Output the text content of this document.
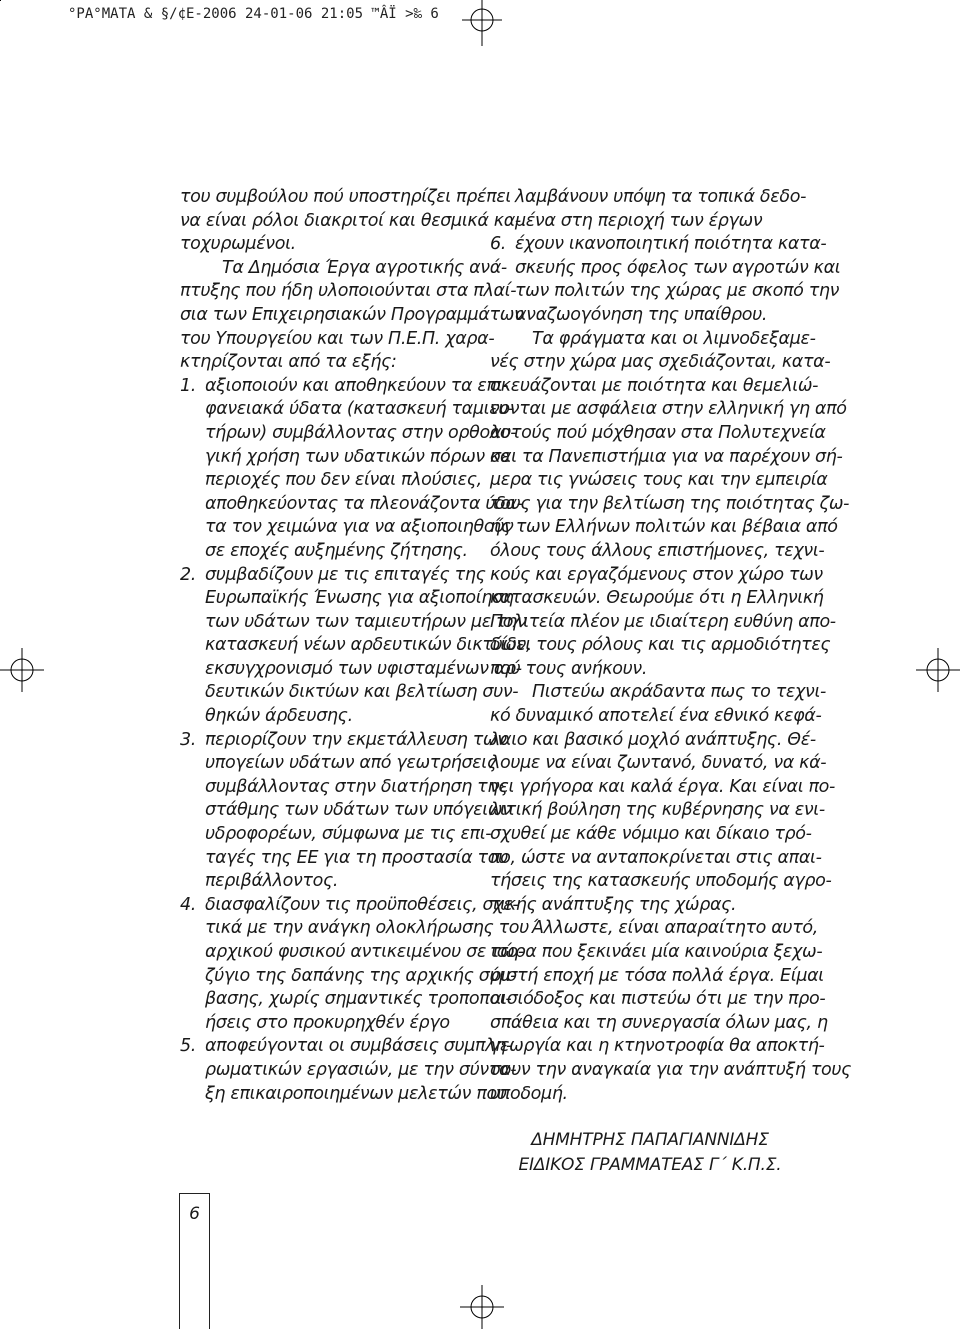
°PA°MATA & §/¢E-2006 24-01-06 21:05 ™ÂÏ >‰ 6
του συμβούλου πού υποστηρίζει πρέπει
να είναι ρόλοι διακριτοί και θεσμικά κα-
τοχυρωμένοι.
Τα Δημόσια Έργα αγροτικής ανά-
πτυξης που ήδη υλοποιούνται στα πλαί-
σια των Επιχειρησιακών Προγραμμάτων
του Υπουργείου και των Π.Ε.Π. χαρα-
κτηρίζονται από τα εξής:
1. αξιοποιούν και αποθηκεύουν τα επι-
φανειακά ύδατα (κατασκευή ταμιευ-
τήρων) συμβάλλοντας στην ορθολο-
γική χρήση των υδατικών πόρων σε
περιοχές που δεν είναι πλούσιες,
αποθηκεύοντας τα πλεονάζοντα ύδα-
τα τον χειμώνα για να αξιοποιηθούν
σε εποχές αυξημένης ζήτησης.
2. συμβαδίζουν με τις επιταγές της
Ευρωπαϊκής Ένωσης για αξιοποίηση
των υδάτων των ταμιευτήρων με την
κατασκευή νέων αρδευτικών δικτύων,
εκσυγχρονισμό των υφισταμένων αρ-
δευτικών δικτύων και βελτίωση συν-
θηκών άρδευσης.
3. περιορίζουν την εκμετάλλευση των
υπογείων υδάτων από γεωτρήσεις
συμβάλλοντας στην διατήρηση της
στάθμης των υδάτων των υπόγειων
υδροφορέων, σύμφωνα με τις επι-
ταγές της ΕΕ για τη προστασία του
περιβάλλοντος.
4. διασφαλίζουν τις προϋποθέσεις, σχε-
τικά με την ανάγκη ολοκλήρωσης του
αρχικού φυσικού αντικειμένου σε ισο-
ζύγιο της δαπάνης της αρχικής σύμ-
βασης, χωρίς σημαντικές τροποποι-
ήσεις στο προκυρηχθέν έργο
5. αποφεύγονται οι συμβάσεις συμπλη-
ρωματικών εργασιών, με την σύντα-
ξη επικαιροποιημένων μελετών που
λαμβάνουν υπόψη τα τοπικά δεδο-
μένα στη περιοχή των έργων
6. έχουν ικανοποιητική ποιότητα κατα-
σκευής προς όφελος των αγροτών και
των πολιτών της χώρας με σκοπό την
αναζωογόνηση της υπαίθρου.
Τα φράγματα και οι λιμνοδεξαμε-
νές στην χώρα μας σχεδιάζονται, κατα-
σκευάζονται με ποιότητα και θεμελιώ-
νονται με ασφάλεια στην ελληνική γη από
αυτούς πού μόχθησαν στα Πολυτεχνεία
και τα Πανεπιστήμια για να παρέχουν σή-
μερα τις γνώσεις τους και την εμπειρία
τους για την βελτίωση της ποιότητας ζω-
ής των Ελλήνων πολιτών και βέβαια από
όλους τους άλλους επιστήμονες, τεχνι-
κούς και εργαζόμενους στον χώρο των
κατασκευών. Θεωρούμε ότι η Ελληνική
Πολιτεία πλέον με ιδιαίτερη ευθύνη απο-
δίδει τους ρόλους και τις αρμοδιότητες
πού τους ανήκουν.
Πιστεύω ακράδαντα πως το τεχνι-
κό δυναμικό αποτελεί ένα εθνικό κεφά-
λαιο και βασικό μοχλό ανάπτυξης. Θέ-
λουμε να είναι ζωντανό, δυνατό, να κά-
νει γρήγορα και καλά έργα. Και είναι πο-
λιτική βούληση της κυβέρνησης να ενι-
σχυθεί με κάθε νόμιμο και δίκαιο τρό-
πο, ώστε να ανταποκρίνεται στις απαι-
τήσεις της κατασκευής υποδομής αγρο-
τικής ανάπτυξης της χώρας.
Άλλωστε, είναι απαραίτητο αυτό,
τώρα που ξεκινάει μία καινούρια ξεχω-
ριστή εποχή με τόσα πολλά έργα. Είμαι
αισιόδοξος και πιστεύω ότι με την προ-
σπάθεια και τη συνεργασία όλων μας, η
γεωργία και η κτηνοτροφία θα αποκτή-
σουν την αναγκαία για την ανάπτυξή τους
υποδομή.
ΔΗΜΗΤΡΗΣ ΠΑΠΑΓΙΑΝΝΙΔΗΣ
ΕΙΔΙΚΟΣ ΓΡΑΜΜΑΤΕΑΣ Γ΄ Κ.Π.Σ.
6
